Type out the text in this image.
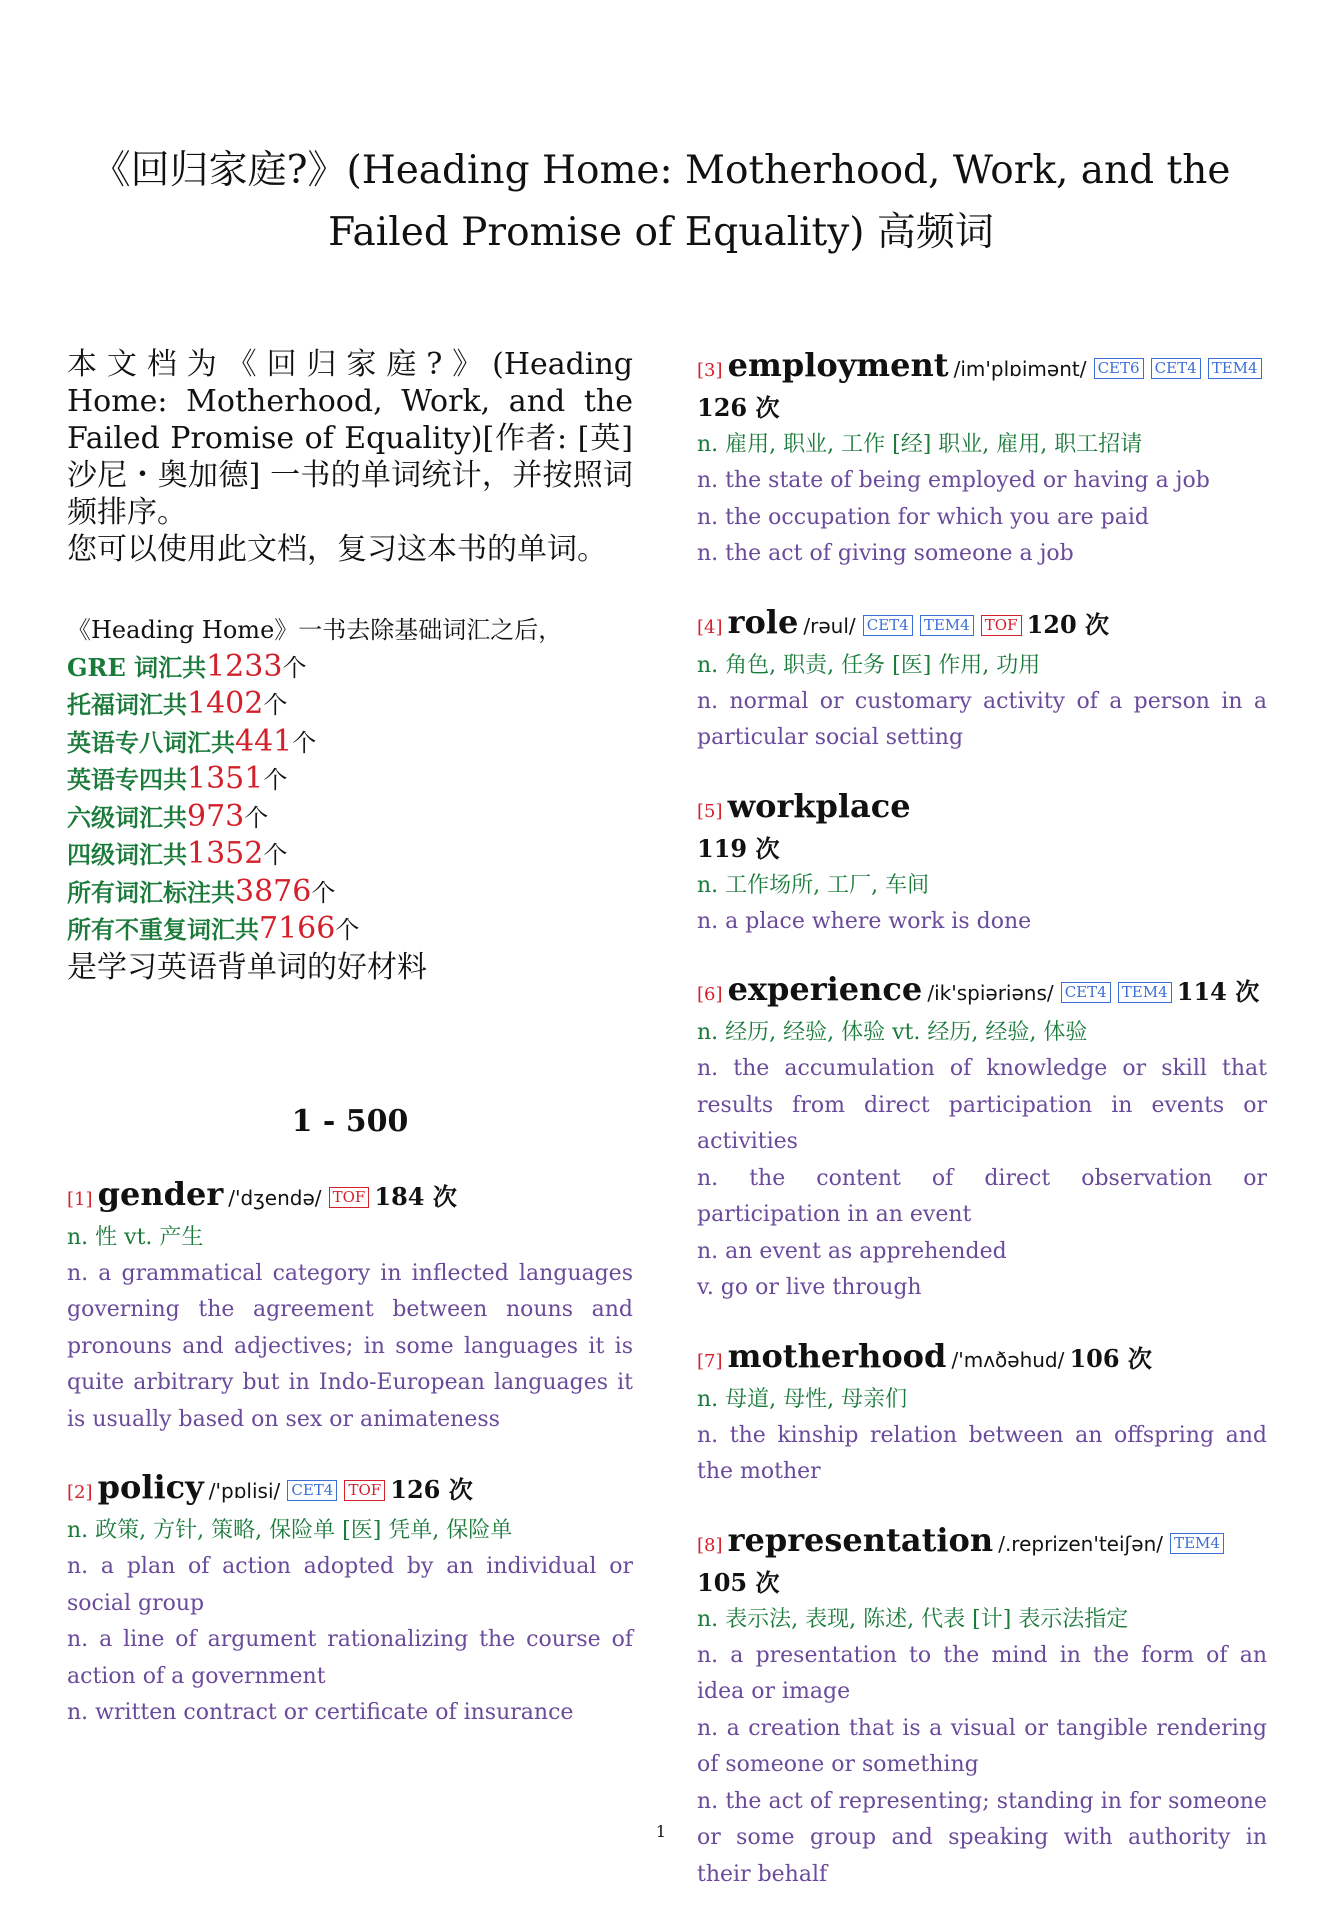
《回归家庭?》(Heading Home: Motherhood, Work, and the Failed Promise of Equality) 高频词
本文档为《回归家庭?》(Heading Home: Motherhood, Work, and the Failed Promise of Equality)[作者: [英] 沙尼・奥加德] 一书的单词统计，并按照词频排序。
您可以使用此文档，复习这本书的单词。
《Heading Home》一书去除基础词汇之后，
GRE 词汇共1233个
托福词汇共1402个
英语专八词汇共441个
英语专四共1351个
六级词汇共973个
四级词汇共1352个
所有词汇标注共3876个
所有不重复词汇共7166个
是学习英语背单词的好材料
1 - 500
[1] gender /'dʒendə/ TOF 184 次
n. 性 vt. 产生
n. a grammatical category in inflected languages governing the agreement between nouns and pronouns and adjectives; in some languages it is quite arbitrary but in Indo-European languages it is usually based on sex or animateness
[2] policy /'pɒlisi/ CET4 TOF 126 次
n. 政策, 方针, 策略, 保险单 [医] 凭单, 保险单
n. a plan of action adopted by an individual or social group
n. a line of argument rationalizing the course of action of a government
n. written contract or certificate of insurance
[3] employment /im'plɒimənt/ CET6 CET4 TEM4
126 次
n. 雇用, 职业, 工作 [经] 职业, 雇用, 职工招请
n. the state of being employed or having a job
n. the occupation for which you are paid
n. the act of giving someone a job
[4] role /rəul/ CET4 TEM4 TOF 120 次
n. 角色, 职责, 任务 [医] 作用, 功用
n. normal or customary activity of a person in a particular social setting
[5] workplace
119 次
n. 工作场所, 工厂, 车间
n. a place where work is done
[6] experience /ik'spiəriəns/ CET4 TEM4 114 次
n. 经历, 经验, 体验 vt. 经历, 经验, 体验
n. the accumulation of knowledge or skill that results from direct participation in events or activities
n. the content of direct observation or participation in an event
n. an event as apprehended
v. go or live through
[7] motherhood /'mʌðəhud/ 106 次
n. 母道, 母性, 母亲们
n. the kinship relation between an offspring and the mother
[8] representation /.reprizen'teiʃən/ TEM4
105 次
n. 表示法, 表现, 陈述, 代表 [计] 表示法指定
n. a presentation to the mind in the form of an idea or image
n. a creation that is a visual or tangible rendering of someone or something
n. the act of representing; standing in for someone or some group and speaking with authority in their behalf
1
